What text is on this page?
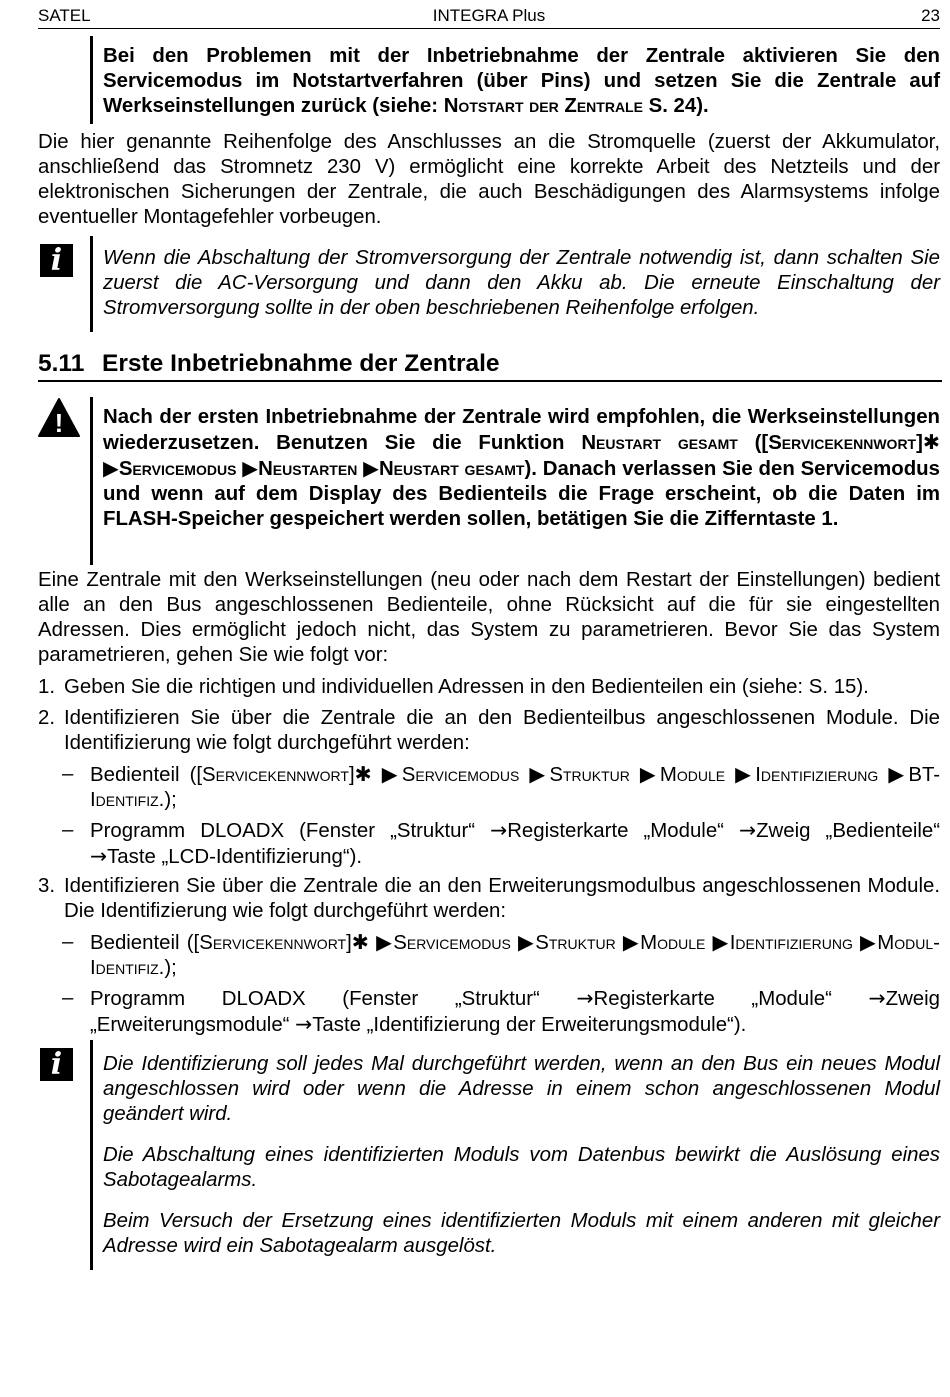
SATEL	INTEGRA Plus	23

Bei den Problemen mit der Inbetriebnahme der Zentrale aktivieren Sie den Servicemodus im Notstartverfahren (über Pins) und setzen Sie die Zentrale auf Werkseinstellungen zurück (siehe: Notstart der Zentrale S. 24).

Die hier genannte Reihenfolge des Anschlusses an die Stromquelle (zuerst der Akkumulator, anschließend das Stromnetz 230 V) ermöglicht eine korrekte Arbeit des Netzteils und der elektronischen Sicherungen der Zentrale, die auch Beschädigungen des Alarmsystems infolge eventueller Montagefehler vorbeugen.

i	Wenn die Abschaltung der Stromversorgung der Zentrale notwendig ist, dann schalten Sie zuerst die AC-Versorgung und dann den Akku ab. Die erneute Einschaltung der Stromversorgung sollte in der oben beschriebenen Reihenfolge erfolgen.

5.11 Erste Inbetriebnahme der Zentrale
! Nach der ersten Inbetriebnahme der Zentrale wird empfohlen, die Werkseinstellungen wiederzusetzen. Benutzen Sie die Funktion Neustart gesamt ([Servicekennwort]✱ ▶Servicemodus ▶Neustarten ▶Neustart gesamt). Danach verlassen Sie den Servicemodus und wenn auf dem Display des Bedienteils die Frage erscheint, ob die Daten im FLASH-Speicher gespeichert werden sollen, betätigen Sie die Zifferntaste 1.

Eine Zentrale mit den Werkseinstellungen (neu oder nach dem Restart der Einstellungen) bedient alle an den Bus angeschlossenen Bedienteile, ohne Rücksicht auf die für sie eingestellten Adressen. Dies ermöglicht jedoch nicht, das System zu parametrieren. Bevor Sie das System parametrieren, gehen Sie wie folgt vor:

1. Geben Sie die richtigen und individuellen Adressen in den Bedienteilen ein (siehe: S. 15).

2. Identifizieren Sie über die Zentrale die an den Bedienteilbus angeschlossenen Module. Die Identifizierung wie folgt durchgeführt werden:

– Bedienteil ([Servicekennwort]✱ ▶Servicemodus ▶Struktur ▶Module ▶Identifizierung ▶BT-Identifiz.);

– Programm DLOADX (Fenster „Struktur“ →Registerkarte „Module“ →Zweig „Bedienteile“ →Taste „LCD-Identifizierung“).

3. Identifizieren Sie über die Zentrale die an den Erweiterungsmodulbus angeschlossenen Module. Die Identifizierung wie folgt durchgeführt werden:

– Bedienteil ([Servicekennwort]✱ ▶Servicemodus ▶Struktur ▶Module ▶Identifizierung ▶Modul-Identifiz.);

– Programm DLOADX (Fenster „Struktur“ →Registerkarte „Module“ →Zweig „Erweiterungsmodule“ →Taste „Identifizierung der Erweiterungsmodule“).

i	Die Identifizierung soll jedes Mal durchgeführt werden, wenn an den Bus ein neues Modul angeschlossen wird oder wenn die Adresse in einem schon angeschlossenen Modul geändert wird.

Die Abschaltung eines identifizierten Moduls vom Datenbus bewirkt die Auslösung eines Sabotagealarms.

Beim Versuch der Ersetzung eines identifizierten Moduls mit einem anderen mit gleicher Adresse wird ein Sabotagealarm ausgelöst.
